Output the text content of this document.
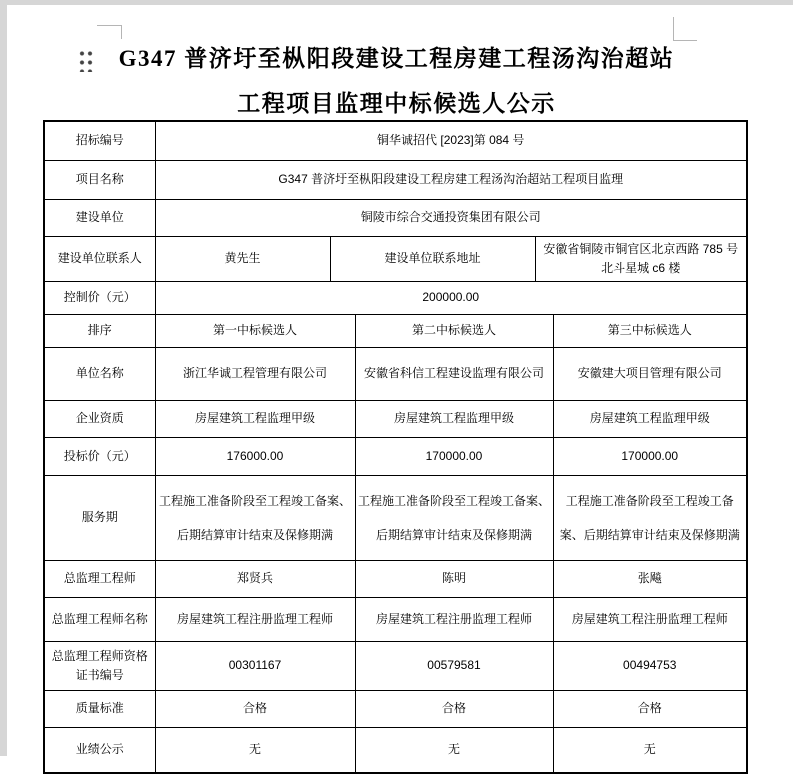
G347 普济圩至枞阳段建设工程房建工程汤沟治超站
工程项目监理中标候选人公示
招标编号	铜华诚招代 [2023]第 084 号				
项目名称	G347 普济圩至枞阳段建设工程房建工程汤沟治超站工程项目监理				
建设单位	铜陵市综合交通投资集团有限公司				
建设单位联系人	黄先生	建设单位联系地址		安徽省铜陵市铜官区北京西路 785 号北斗星城 c6 楼	
控制价（元）	200000.00				
排序	第一中标候选人		第二中标候选人		第三中标候选人
单位名称	浙江华诚工程管理有限公司		安徽省科信工程建设监理有限公司		安徽建大项目管理有限公司
企业资质	房屋建筑工程监理甲级		房屋建筑工程监理甲级		房屋建筑工程监理甲级
投标价（元）	176000.00		170000.00		170000.00
服务期	工程施工准备阶段至工程竣工备案、后期结算审计结束及保修期满		工程施工准备阶段至工程竣工备案、后期结算审计结束及保修期满		工程施工准备阶段至工程竣工备案、后期结算审计结束及保修期满
总监理工程师	郑贤兵		陈明		张飚
总监理工程师名称	房屋建筑工程注册监理工程师		房屋建筑工程注册监理工程师		房屋建筑工程注册监理工程师
总监理工程师资格证书编号	00301167		00579581		00494753
质量标准	合格		合格		合格
业绩公示	无		无		无
